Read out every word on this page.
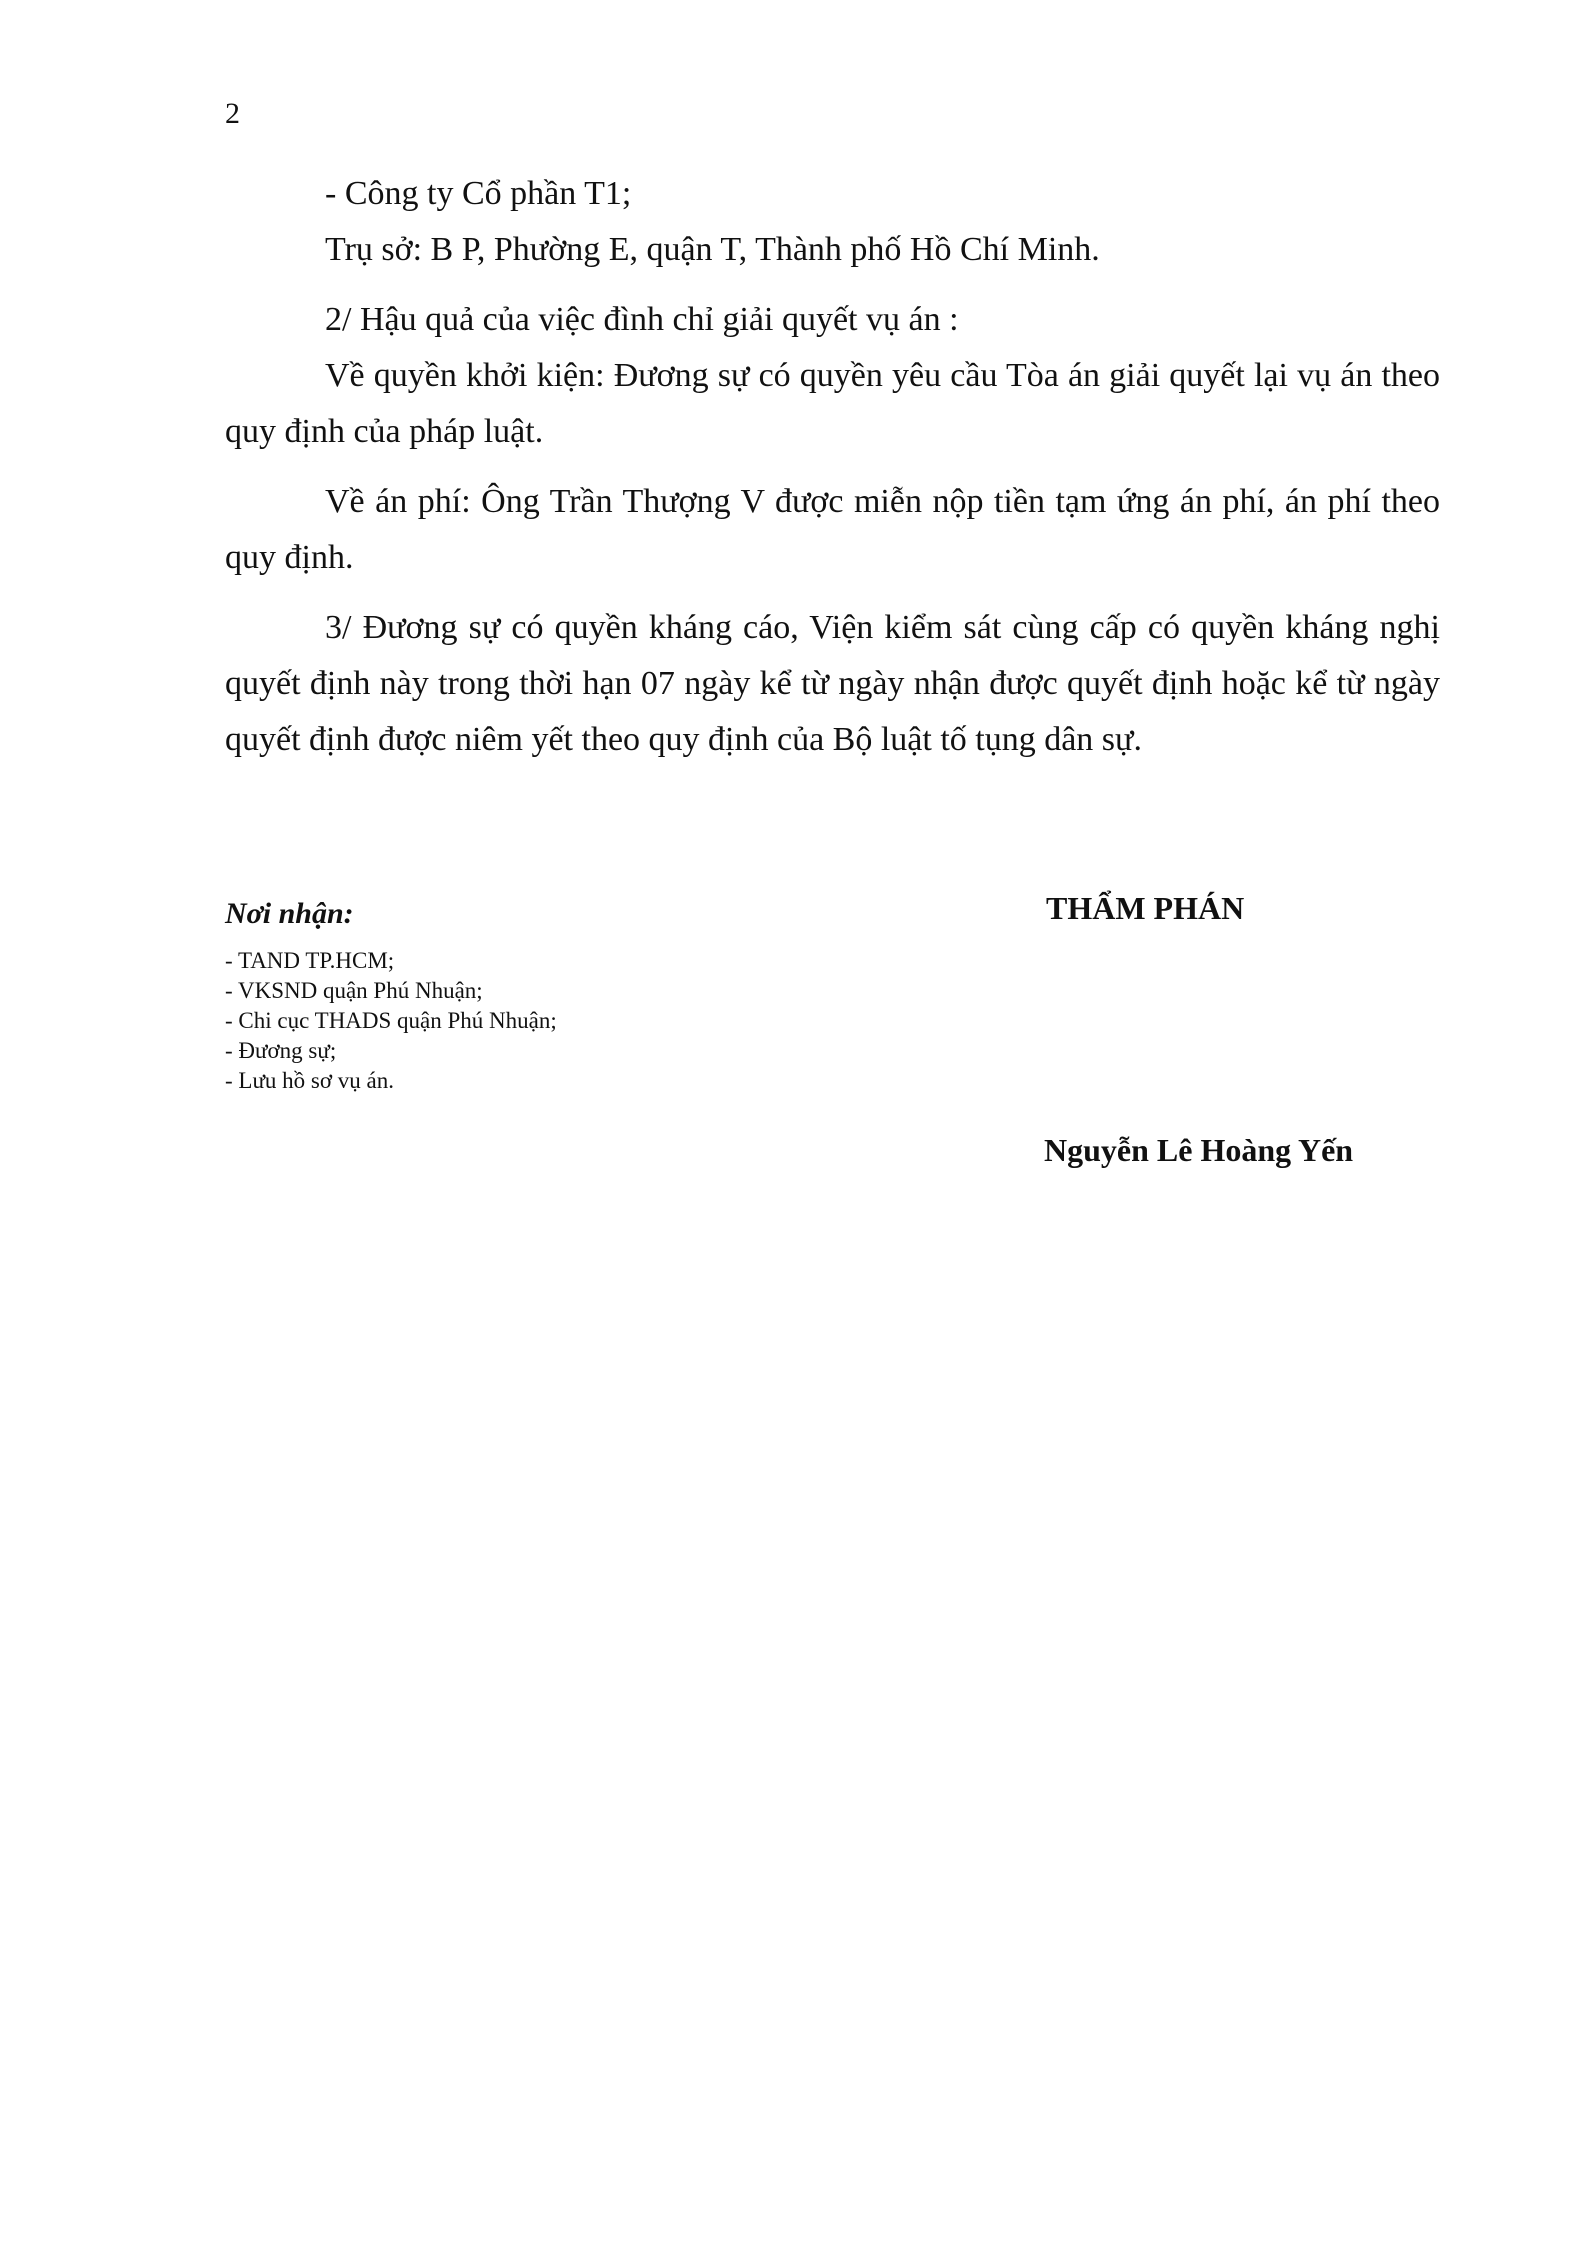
2

- Công ty Cổ phần T1;

Trụ sở: B P, Phường E, quận T, Thành phố Hồ Chí Minh.

2/ Hậu quả của việc đình chỉ giải quyết vụ án :

Về quyền khởi kiện: Đương sự có quyền yêu cầu Tòa án giải quyết lại vụ án theo quy định của pháp luật.

Về án phí: Ông Trần Thượng V được miễn nộp tiền tạm ứng án phí, án phí theo quy định.

3/ Đương sự có quyền kháng cáo, Viện kiểm sát cùng cấp có quyền kháng nghị quyết định này trong thời hạn 07 ngày kể từ ngày nhận được quyết định hoặc kể từ ngày quyết định được niêm yết theo quy định của Bộ luật tố tụng dân sự.

Nơi nhận:
- TAND TP.HCM;
- VKSND quận Phú Nhuận;
- Chi cục THADS quận Phú Nhuận;
- Đương sự;
- Lưu hồ sơ vụ án.
THẨM PHÁN
Nguyễn Lê Hoàng Yến
